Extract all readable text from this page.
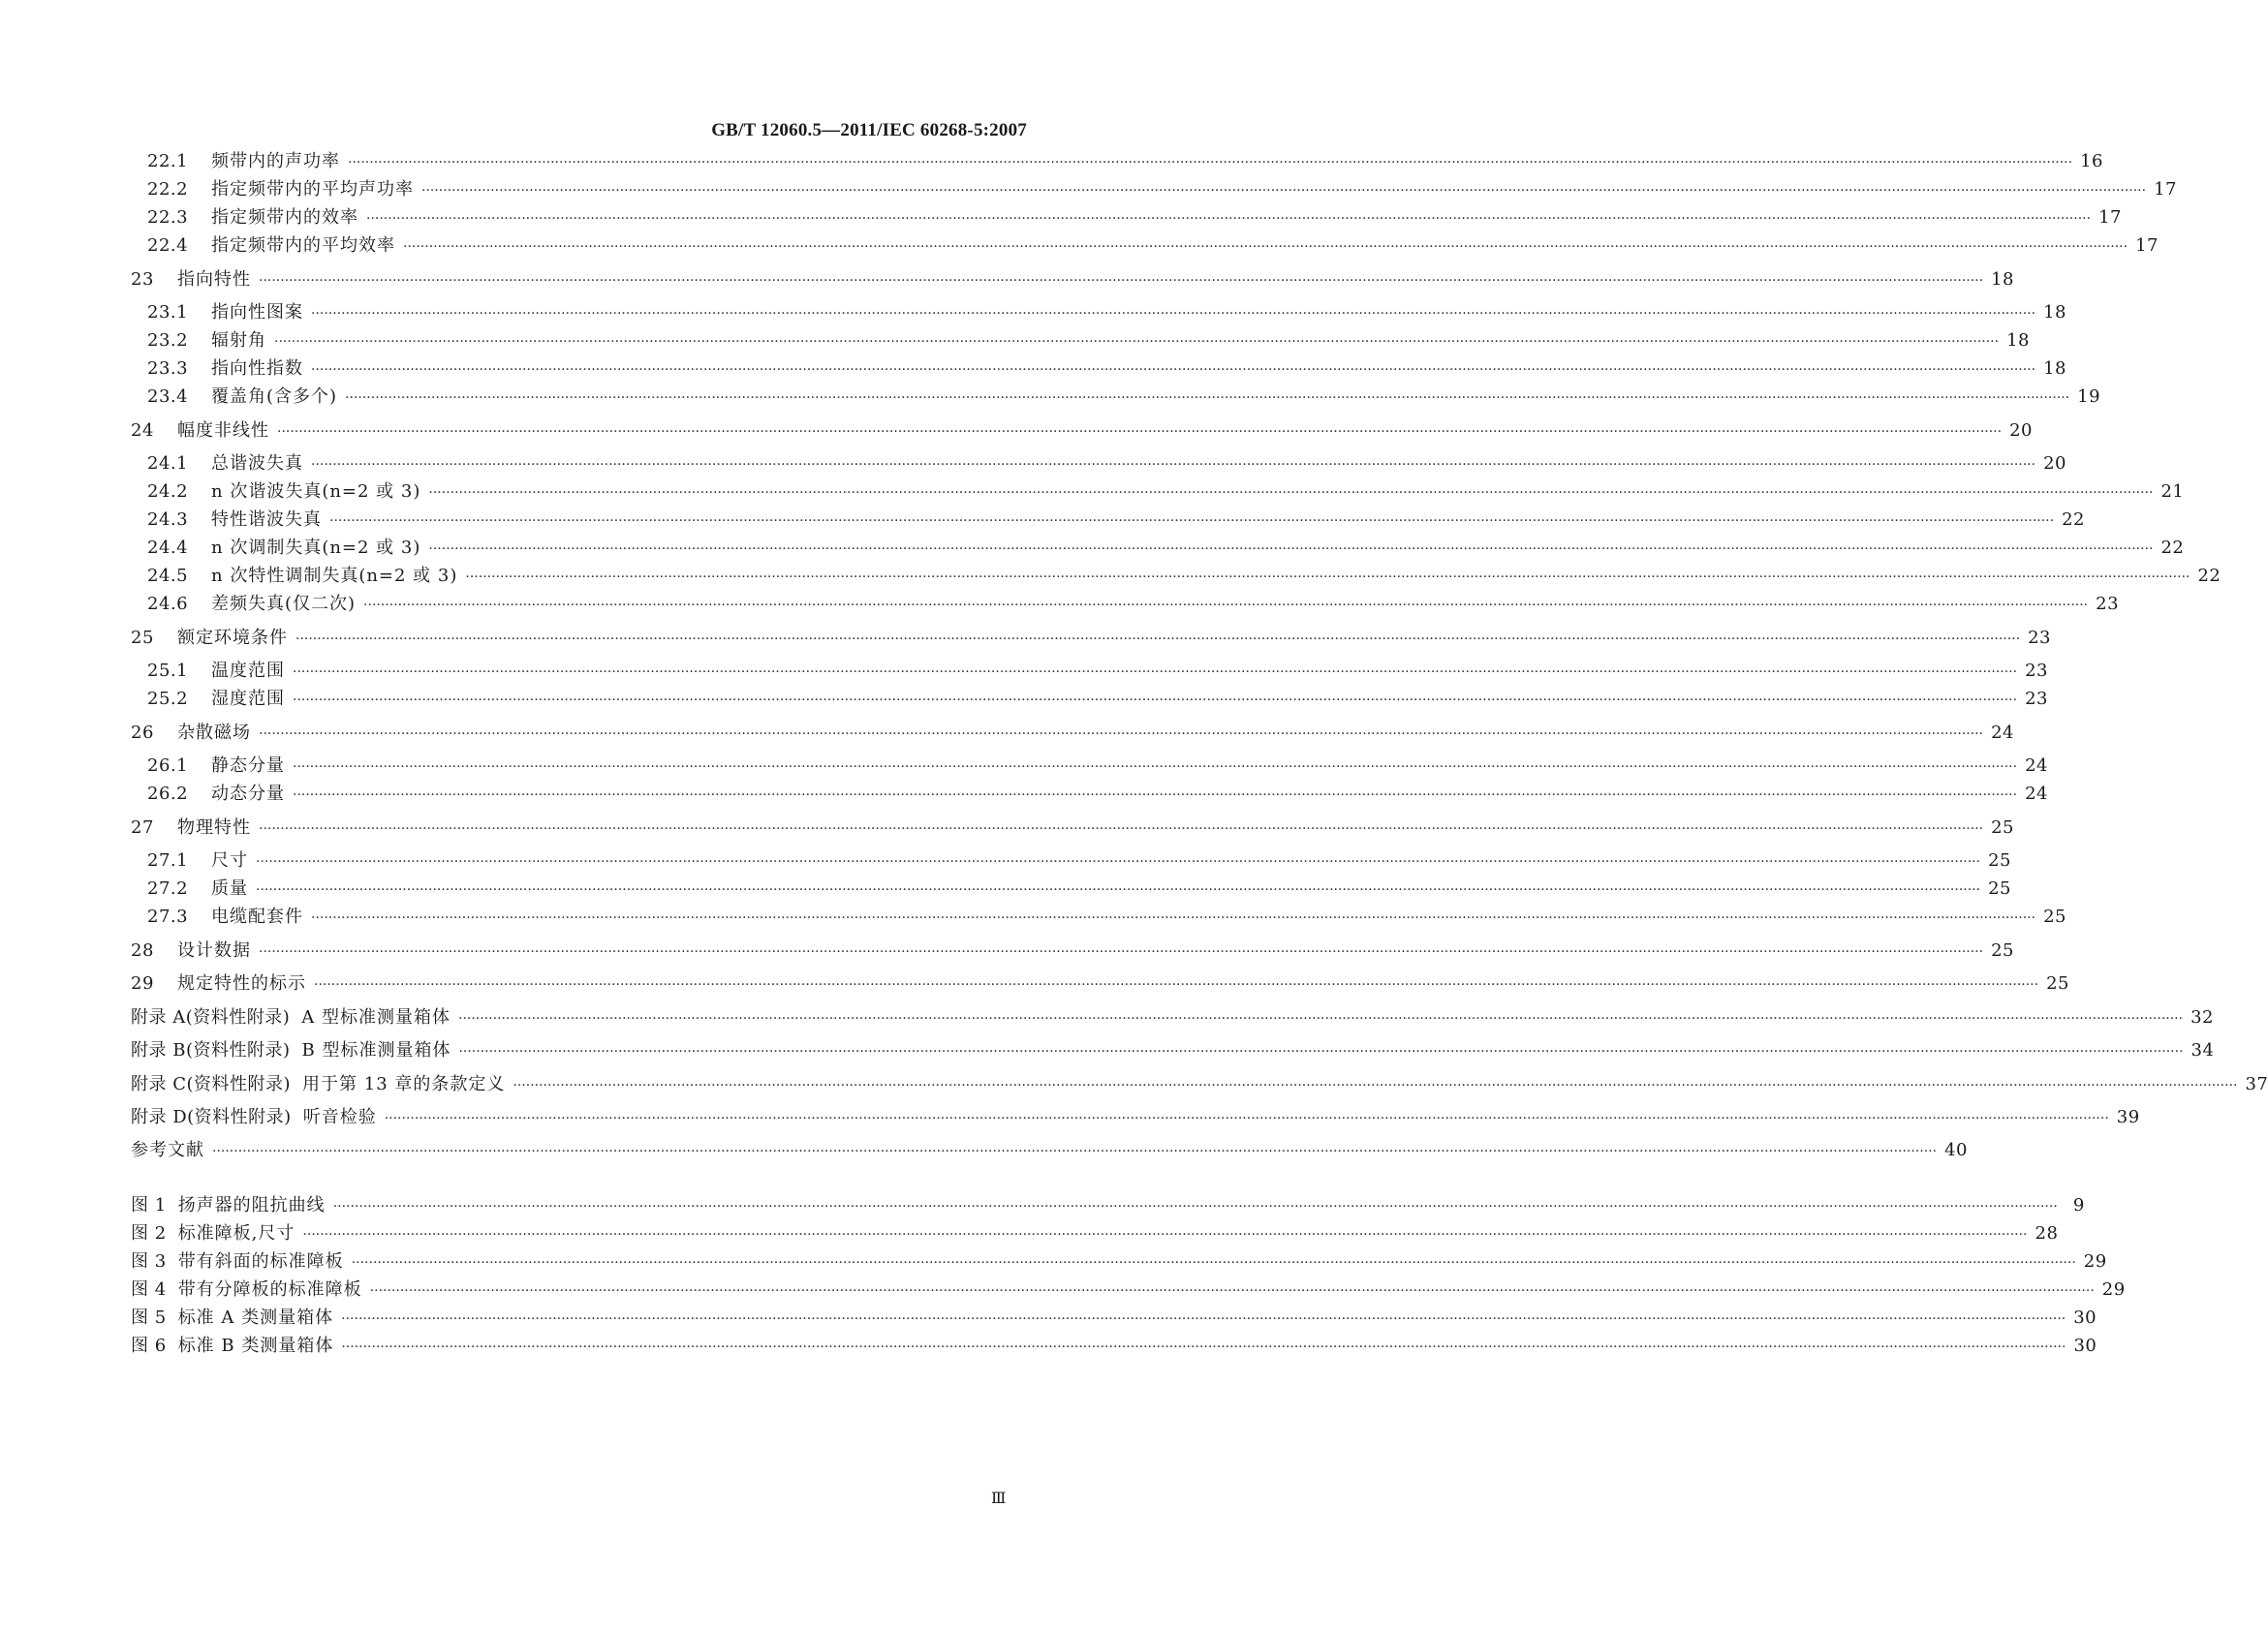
GB/T 12060.5—2011/IEC 60268-5:2007
22.1	频带内的声功率 ················································································································································································································································································································································································································ 16
22.2	指定频带内的平均声功率 ················································································································································································································································································································································································································ 17
22.3	指定频带内的效率 ················································································································································································································································································································································································································ 17
22.4	指定频带内的平均效率 ················································································································································································································································································································································································································ 17
23	指向特性 ················································································································································································································································································································································································································ 18
23.1	指向性图案 ················································································································································································································································································································································································································ 18
23.2	辐射角 ················································································································································································································································································································································································································ 18
23.3	指向性指数 ················································································································································································································································································································································································································ 18
23.4	覆盖角(含多个) ················································································································································································································································································································································································································ 19
24	幅度非线性 ················································································································································································································································································································································································································ 20
24.1	总谐波失真 ················································································································································································································································································································································································································ 20
24.2	n 次谐波失真(n=2 或 3) ················································································································································································································································································································································································································ 21
24.3	特性谐波失真 ················································································································································································································································································································································································································ 22
24.4	n 次调制失真(n=2 或 3) ················································································································································································································································································································································································································ 22
24.5	n 次特性调制失真(n=2 或 3) ················································································································································································································································································································································································································ 22
24.6	差频失真(仅二次) ················································································································································································································································································································································································································ 23
25	额定环境条件 ················································································································································································································································································································································································································ 23
25.1	温度范围 ················································································································································································································································································································································································································ 23
25.2	湿度范围 ················································································································································································································································································································································································································ 23
26	杂散磁场 ················································································································································································································································································································································································································ 24
26.1	静态分量 ················································································································································································································································································································································································································ 24
26.2	动态分量 ················································································································································································································································································································································································································ 24
27	物理特性 ················································································································································································································································································································································································································ 25
27.1	尺寸 ················································································································································································································································································································································································································ 25
27.2	质量 ················································································································································································································································································································································································································ 25
27.3	电缆配套件 ················································································································································································································································································································································································································ 25
28	设计数据 ················································································································································································································································································································································································································ 25
29	规定特性的标示 ················································································································································································································································································································································································································ 25
附录 A(资料性附录) A 型标准测量箱体 ················································································································································································································································································································································································································ 32
附录 B(资料性附录) B 型标准测量箱体 ················································································································································································································································································································································································································ 34
附录 C(资料性附录) 用于第 13 章的条款定义 ················································································································································································································································································································································································································ 37
附录 D(资料性附录) 听音检验 ················································································································································································································································································································································································································ 39
参考文献 ················································································································································································································································································································································································································ 40
图 1 扬声器的阻抗曲线 ················································································································································································································································································································································································································ 9
图 2 标准障板,尺寸 ················································································································································································································································································································································································································ 28
图 3 带有斜面的标准障板 ················································································································································································································································································································································································································ 29
图 4 带有分障板的标准障板 ················································································································································································································································································································································································································ 29
图 5 标准 A 类测量箱体 ················································································································································································································································································································································································································ 30
图 6 标准 B 类测量箱体 ················································································································································································································································································································································································································ 30
Ⅲ
